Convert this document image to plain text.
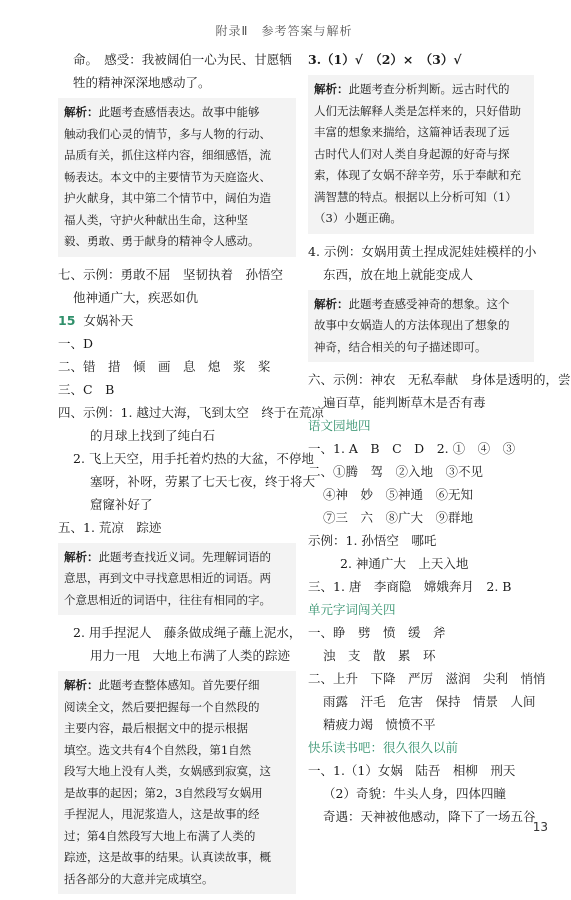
附录Ⅱ　参考答案与解析
命。　感受：我被阔伯一心为民、甘愿牺
牲的精神深深地感动了。
解析：此题考查感悟表达。故事中能够
触动我们心灵的情节，多与人物的行动、
品质有关，抓住这样内容，细细感悟，流
畅表达。本文中的主要情节为天庭盗火、
护火献身，其中第二个情节中，阔伯为造
福人类，守护火种献出生命，这种坚
毅、勇敢、勇于献身的精神令人感动。
七、示例：勇敢不屈　坚韧执着　孙悟空
他神通广大，疾恶如仇
15 女娲补天
一、D
二、错　措　倾　画　息　熄　浆　桨
三、C　B
四、示例：1. 越过大海，飞到太空　终于在荒凉
的月球上找到了纯白石
2. 飞上天空，用手托着灼热的大盆，不停地
塞呀，补呀，劳累了七天七夜，终于将大
窟窿补好了
五、1. 荒凉　踪迹
解析：此题考查找近义词。先理解词语的
意思，再到文中寻找意思相近的词语。两
个意思相近的词语中，往往有相同的字。
2. 用手捏泥人　藤条做成绳子蘸上泥水，
用力一甩　大地上布满了人类的踪迹
解析：此题考查整体感知。首先要仔细
阅读全文，然后要把握每一个自然段的
主要内容，最后根据文中的提示根据
填空。选文共有4个自然段，第1自然
段写大地上没有人类，女娲感到寂寞，这
是故事的起因；第2，3自然段写女娲用
手捏泥人，甩泥浆造人，这是故事的经
过；第4自然段写大地上布满了人类的
踪迹，这是故事的结果。认真读故事，概
括各部分的大意并完成填空。
3.（1）√　（2）×　（3）√
解析：此题考查分析判断。远古时代的
人们无法解释人类是怎样来的，只好借助
丰富的想象来揣给，这篇神话表现了远
古时代人们对人类自身起源的好奇与探
索，体现了女娲不辞辛劳，乐于奉献和充
满智慧的特点。根据以上分析可知（1）
（3）小题正确。
4. 示例：女娲用黄土捏成泥娃娃模样的小
东西，放在地上就能变成人
解析：此题考查感受神奇的想象。这个
故事中女娲造人的方法体现出了想象的
神奇，结合相关的句子描述即可。
六、示例：神农　无私奉献　身体是透明的，尝
遍百草，能判断草木是否有毒
语文园地四
一、1. A　B　C　D　2. ①　④　③
二、①腾　驾　②入地　③不见
④神　妙　⑤神通　⑥无知
⑦三　六　⑧广大　⑨群地
示例：1. 孙悟空　哪吒
2. 神通广大　上天入地
三、1. 唐　李商隐　嫦娥奔月　2. B
单元字词闯关四
一、睁　劈　愤　缓　斧
浊　支　散　累　环
二、上升　下降　严厉　滋润　尖利　悄悄
雨露　汗毛　危害　保持　情景　人间
精疲力竭　愤愤不平
快乐读书吧：很久很久以前
一、1.（1）女娲　陆吾　相柳　刑天
（2）奇貌：牛头人身，四体四瞳
奇遇：天神被他感动，降下了一场五谷
13
